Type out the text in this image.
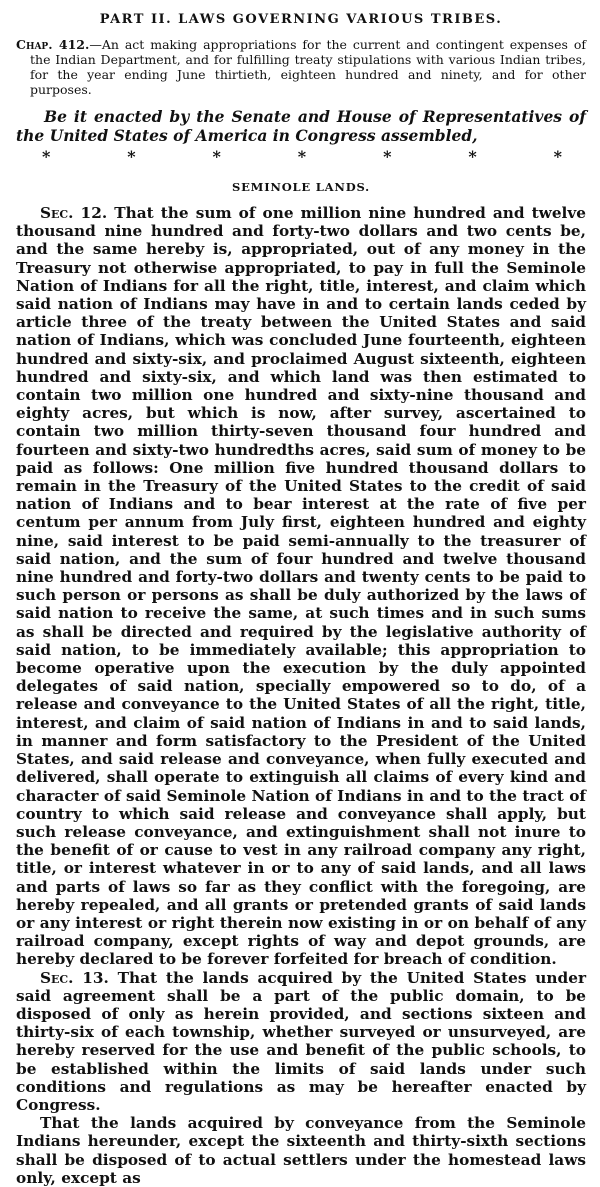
PART II. LAWS GOVERNING VARIOUS TRIBES.
Chap. 412.—An act making appropriations for the current and contingent expenses of the Indian Department, and for fulfilling treaty stipulations with various Indian tribes, for the year ending June thirtieth, eighteen hundred and ninety, and for other purposes.
Be it enacted by the Senate and House of Representatives of the United States of America in Congress assembled,
*	*	*	*	*	*	*
SEMINOLE LANDS.

Sec. 12. That the sum of one million nine hundred and twelve thousand nine hundred and forty-two dollars and two cents be, and the same hereby is, appropriated, out of any money in the Treasury not otherwise appropriated, to pay in full the Seminole Nation of Indians for all the right, title, interest, and claim which said nation of Indians may have in and to certain lands ceded by article three of the treaty between the United States and said nation of Indians, which was concluded June fourteenth, eighteen hundred and sixty-six, and proclaimed August sixteenth, eighteen hundred and sixty-six, and which land was then estimated to contain two million one hundred and sixty-nine thousand and eighty acres, but which is now, after survey, ascertained to contain two million thirty-seven thousand four hundred and fourteen and sixty-two hundredths acres, said sum of money to be paid as follows: One million five hundred thousand dollars to remain in the Treasury of the United States to the credit of said nation of Indians and to bear interest at the rate of five per centum per annum from July first, eighteen hundred and eighty nine, said interest to be paid semi-annually to the treasurer of said nation, and the sum of four hundred and twelve thousand nine hundred and forty-two dollars and twenty cents to be paid to such person or persons as shall be duly authorized by the laws of said nation to receive the same, at such times and in such sums as shall be directed and required by the legislative authority of said nation, to be immediately available; this appropriation to become operative upon the execution by the duly appointed delegates of said nation, specially empowered so to do, of a release and conveyance to the United States of all the right, title, interest, and claim of said nation of Indians in and to said lands, in manner and form satisfactory to the President of the United States, and said release and conveyance, when fully executed and delivered, shall operate to extinguish all claims of every kind and character of said Seminole Nation of Indians in and to the tract of country to which said release and conveyance shall apply, but such release conveyance, and extinguishment shall not inure to the benefit of or cause to vest in any railroad company any right, title, or interest whatever in or to any of said lands, and all laws and parts of laws so far as they conflict with the foregoing, are hereby repealed, and all grants or pretended grants of said lands or any interest or right therein now existing in or on behalf of any railroad company, except rights of way and depot grounds, are hereby declared to be forever forfeited for breach of condition.

Sec. 13. That the lands acquired by the United States under said agreement shall be a part of the public domain, to be disposed of only as herein provided, and sections sixteen and thirty-six of each township, whether surveyed or unsurveyed, are hereby reserved for the use and benefit of the public schools, to be established within the limits of said lands under such conditions and regulations as may be hereafter enacted by Congress.

That the lands acquired by conveyance from the Seminole Indians hereunder, except the sixteenth and thirty-sixth sections shall be disposed of to actual settlers under the homestead laws only, except as
